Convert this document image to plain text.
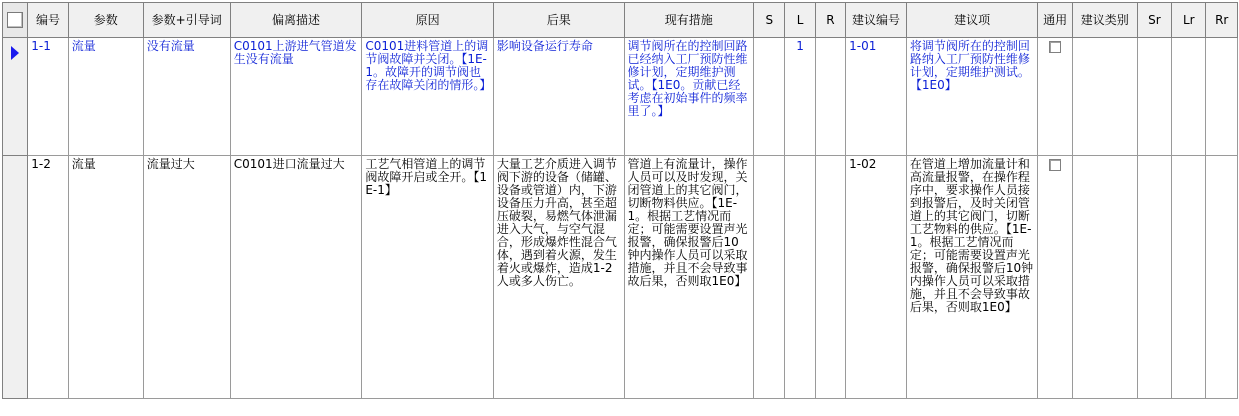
	编号	参数	参数+引导词	偏离描述	原因	后果	现有措施	S	L	R	建议编号	建议项	通用	建议类别	Sr	Lr	Rr

	1-1	流量	没有流量	C0101上游进气管道发生没有流量	C0101进料管道上的调节阀故障并关闭。【1E-1。故障开的调节阀也存在故障关闭的情形。】	影响设备运行寿命	调节阀所在的控制回路已经纳入工厂预防性维修计划，定期维护测试。【1E0。贡献已经考虑在初始事件的频率里了。】		1		1-01	将调节阀所在的控制回路纳入工厂预防性维修计划，定期维护测试。【1E0】	

	1-2	流量	流量过大	C0101进口流量过大	工艺气相管道上的调节阀故障开启或全开。【1E-1】	大量工艺介质进入调节阀下游的设备（储罐、设备或管道）内，下游设备压力升高，甚至超压破裂，易燃气体泄漏进入大气，与空气混合，形成爆炸性混合气体，遇到着火源，发生着火或爆炸，造成1-2人或多人伤亡。	管道上有流量计，操作人员可以及时发现，关闭管道上的其它阀门，切断物料供应。【1E-1。根据工艺情况而定；可能需要设置声光报警，确保报警后10钟内操作人员可以采取措施，并且不会导致事故后果，否则取1E0】				1-02	在管道上增加流量计和高流量报警，在操作程序中，要求操作人员接到报警后，及时关闭管道上的其它阀门，切断工艺物料的供应。【1E-1。根据工艺情况而定；可能需要设置声光报警，确保报警后10钟内操作人员可以采取措施，并且不会导致事故后果，否则取1E0】	
